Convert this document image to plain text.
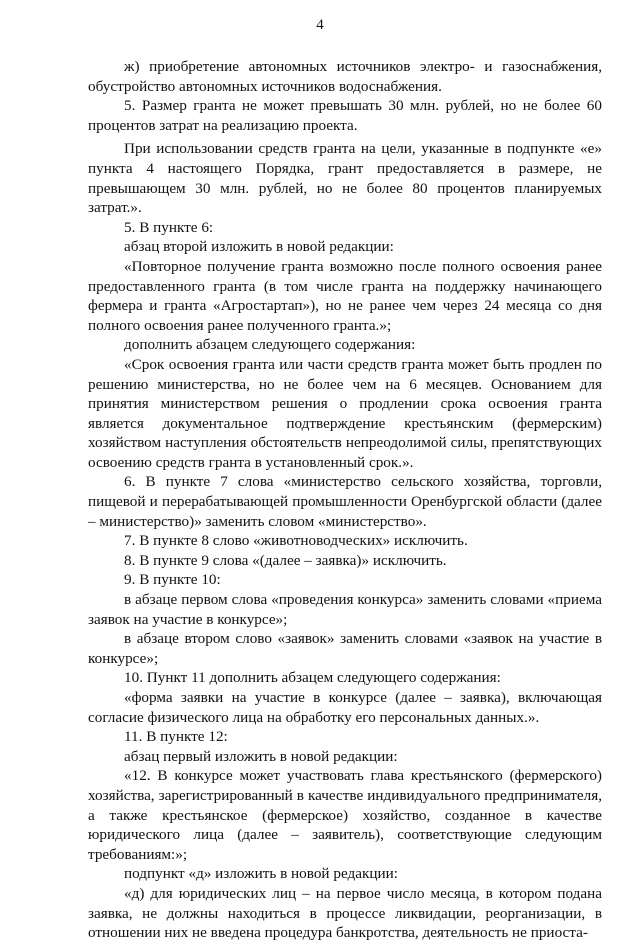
4

ж) приобретение автономных источников электро- и газоснабжения, обустройство автономных источников водоснабжения.

5. Размер гранта не может превышать 30 млн. рублей, но не более 60 процентов затрат на реализацию проекта.

При использовании средств гранта на цели, указанные в подпункте «е» пункта 4 настоящего Порядка, грант предоставляется в размере, не превышающем 30 млн. рублей, но не более 80 процентов планируемых затрат.».

5. В пункте 6:

абзац второй изложить в новой редакции:

«Повторное получение гранта возможно после полного освоения ранее предоставленного гранта (в том числе гранта на поддержку начинающего фермера и гранта «Агростартап»), но не ранее чем через 24 месяца со дня полного освоения ранее полученного гранта.»;

дополнить абзацем следующего содержания:

«Срок освоения гранта или части средств гранта может быть продлен по решению министерства, но не более чем на 6 месяцев. Основанием для принятия министерством решения о продлении срока освоения гранта является документальное подтверждение крестьянским (фермерским) хозяйством наступления обстоятельств непреодолимой силы, препятствующих освоению средств гранта в установленный срок.».

6. В пункте 7 слова «министерство сельского хозяйства, торговли, пищевой и перерабатывающей промышленности Оренбургской области (далее – министерство)» заменить словом «министерство».

7. В пункте 8 слово «животноводческих» исключить.

8. В пункте 9 слова «(далее – заявка)» исключить.

9. В пункте 10:

в абзаце первом слова «проведения конкурса» заменить словами «приема заявок на участие в конкурсе»;

в абзаце втором слово «заявок» заменить словами «заявок на участие в конкурсе»;

10. Пункт 11 дополнить абзацем следующего содержания:

«форма заявки на участие в конкурсе (далее – заявка), включающая согласие физического лица на обработку его персональных данных.».

11. В пункте 12:

абзац первый изложить в новой редакции:

«12. В конкурсе может участвовать глава крестьянского (фермерского) хозяйства, зарегистрированный в качестве индивидуального предпринимателя, а также крестьянское (фермерское) хозяйство, созданное в качестве юридического лица (далее – заявитель), соответствующие следующим требованиям:»;

подпункт «д» изложить в новой редакции:

«д) для юридических лиц – на первое число месяца, в котором подана заявка, не должны находиться в процессе ликвидации, реорганизации, в отношении них не введена процедура банкротства, деятельность не приоста-
